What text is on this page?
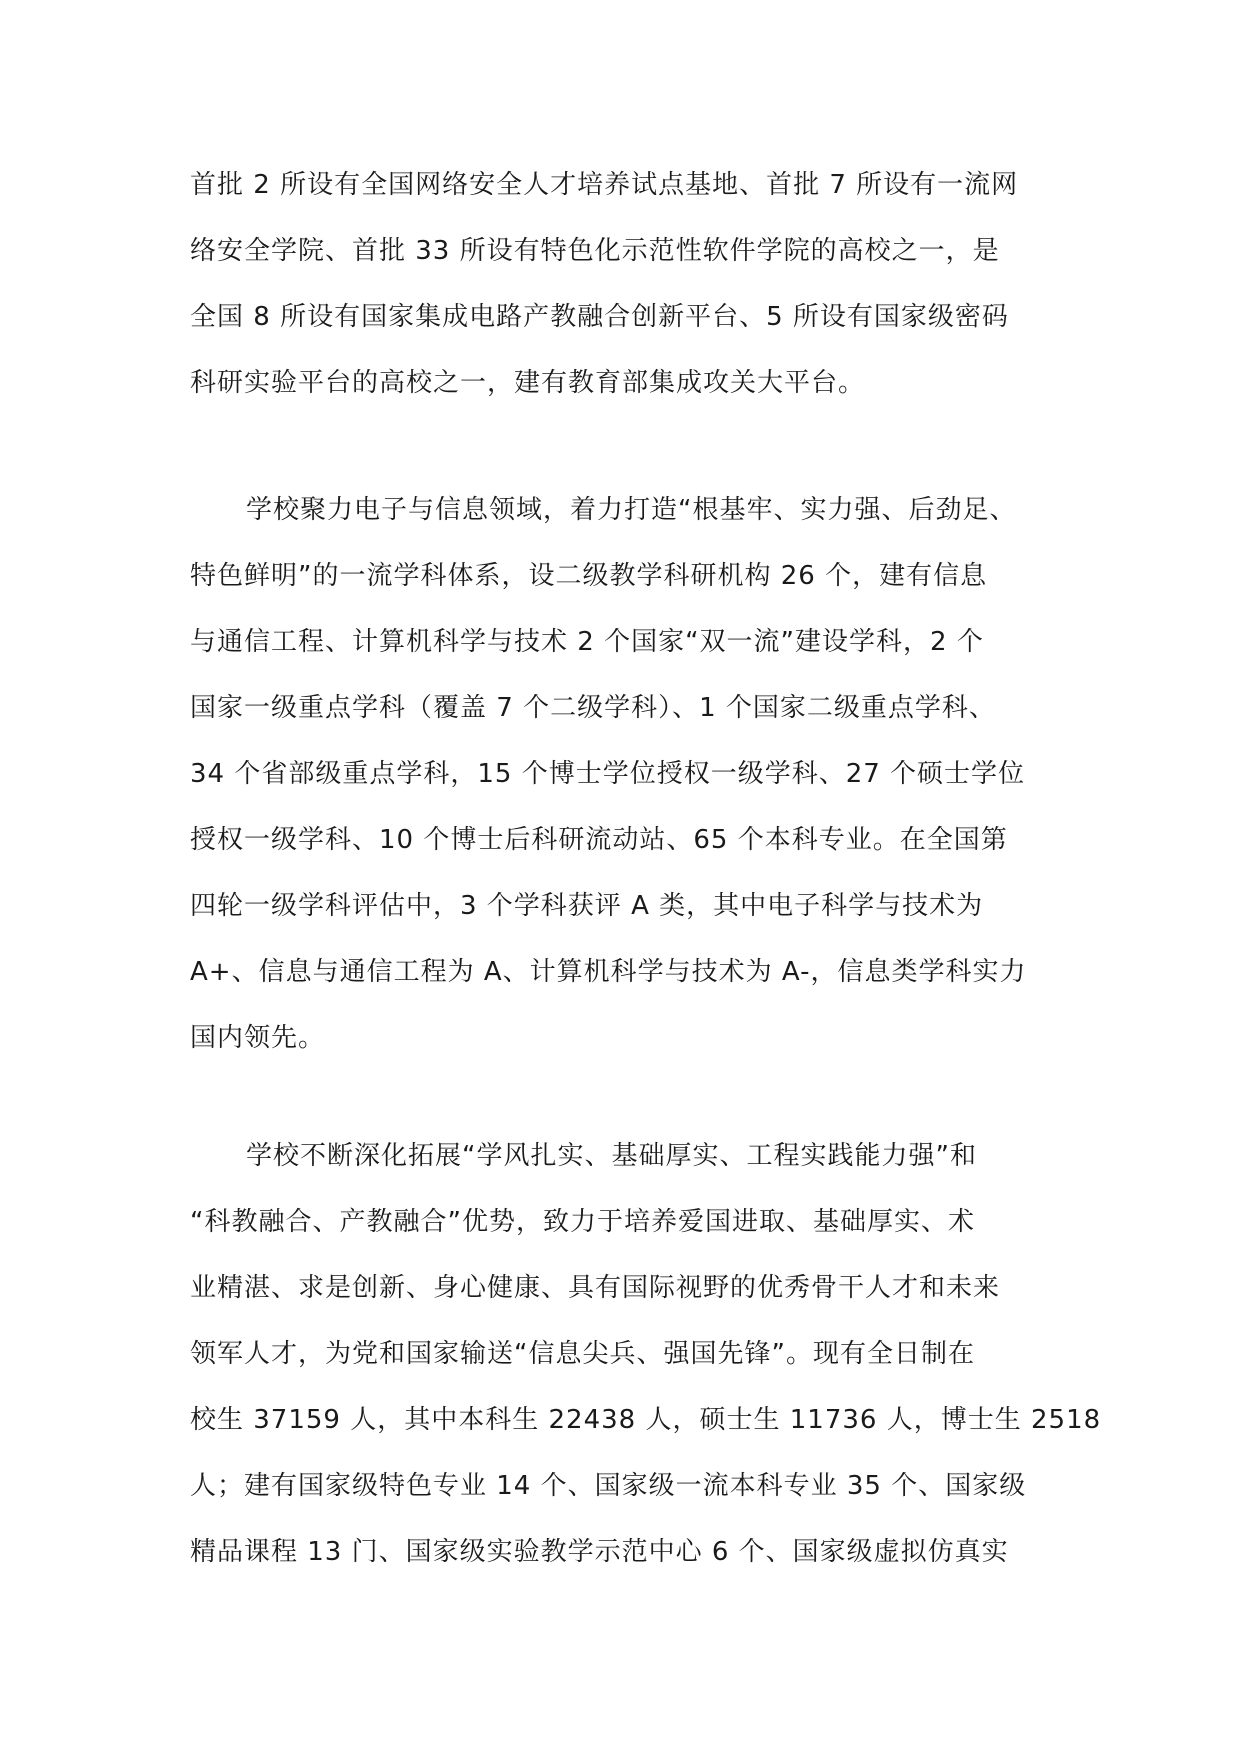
首批 2 所设有全国网络安全人才培养试点基地、首批 7 所设有一流网
络安全学院、首批 33 所设有特色化示范性软件学院的高校之一，是
全国 8 所设有国家集成电路产教融合创新平台、5 所设有国家级密码
科研实验平台的高校之一，建有教育部集成攻关大平台。
学校聚力电子与信息领域，着力打造“根基牢、实力强、后劲足、
特色鲜明”的一流学科体系，设二级教学科研机构 26 个，建有信息
与通信工程、计算机科学与技术 2 个国家“双一流”建设学科，2 个
国家一级重点学科（覆盖 7 个二级学科）、1 个国家二级重点学科、
34 个省部级重点学科，15 个博士学位授权一级学科、27 个硕士学位
授权一级学科、10 个博士后科研流动站、65 个本科专业。在全国第
四轮一级学科评估中，3 个学科获评 A 类，其中电子科学与技术为
A+、信息与通信工程为 A、计算机科学与技术为 A-，信息类学科实力
国内领先。
学校不断深化拓展“学风扎实、基础厚实、工程实践能力强”和
“科教融合、产教融合”优势，致力于培养爱国进取、基础厚实、术
业精湛、求是创新、身心健康、具有国际视野的优秀骨干人才和未来
领军人才，为党和国家输送“信息尖兵、强国先锋”。现有全日制在
校生 37159 人，其中本科生 22438 人，硕士生 11736 人，博士生 2518
人；建有国家级特色专业 14 个、国家级一流本科专业 35 个、国家级
精品课程 13 门、国家级实验教学示范中心 6 个、国家级虚拟仿真实
